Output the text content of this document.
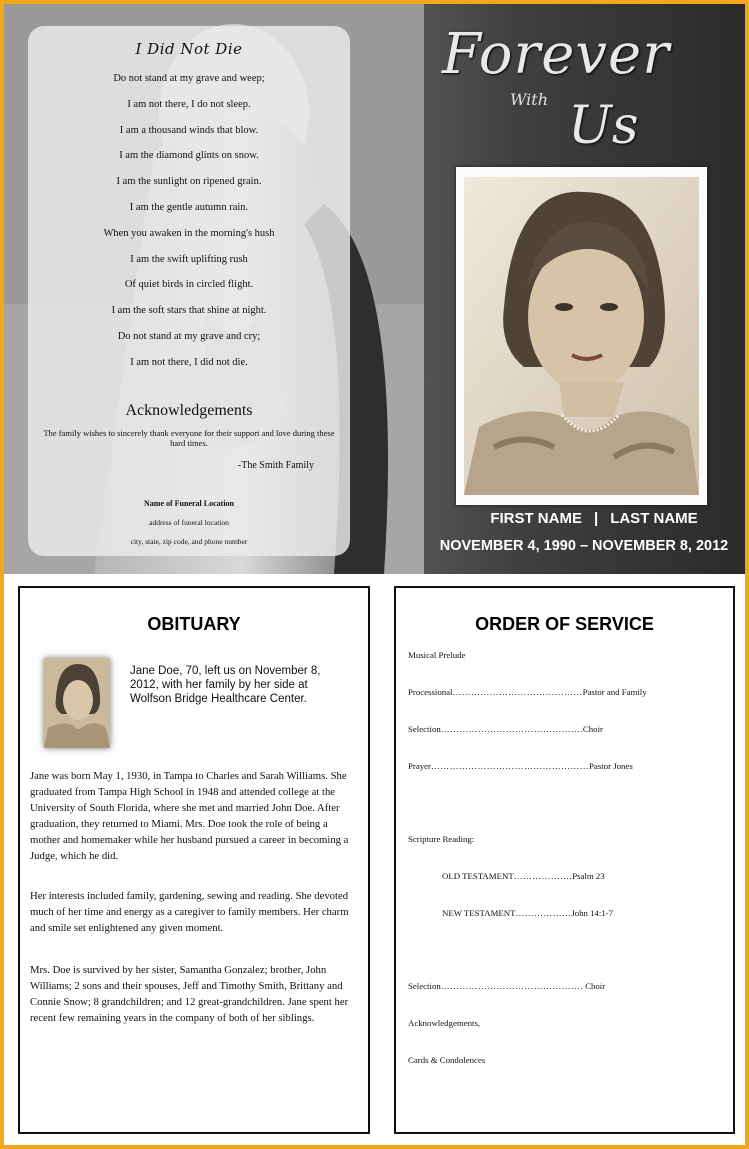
I Did Not Die
Do not stand at my grave and weep;
I am not there, I do not sleep.
I am a thousand winds that blow.
I am the diamond glints on snow.
I am the sunlight on ripened grain.
I am the gentle autumn rain.
When you awaken in the morning's hush
I am the swift uplifting rush
Of quiet birds in circled flight.
I am the soft stars that shine at night.
Do not stand at my grave and cry;
I am not there, I did not die.
Acknowledgements
The family wishes to sincerely thank everyone for their support and love during these hard times.
-The Smith Family
Name of Funeral Location
address of funeral location
city, state, zip code, and phone number
Forever
With Us
FIRST NAME | LAST NAME
NOVEMBER 4, 1990 – NOVEMBER 8, 2012
OBITUARY
Jane Doe, 70, left us on November 8, 2012, with her family by her side at Wolfson Bridge Healthcare Center.
Jane was born May 1, 1930, in Tampa to Charles and Sarah Williams. She graduated from Tampa High School in 1948 and attended college at the University of South Florida, where she met and married John Doe. After graduation, they returned to Miami. Mrs. Doe took the role of being a mother and homemaker while her husband pursued a career in becoming a Judge, which he did.
Her interests included family, gardening, sewing and reading. She devoted much of her time and energy as a caregiver to family members. Her charm and smile set enlightened any given moment.
Mrs. Doe is survived by her sister, Samantha Gonzalez; brother, John Williams; 2 sons and their spouses, Jeff and Timothy Smith, Brittany and Connie Snow; 8 grandchildren; and 12 great-grandchildren. Jane spent her recent few remaining years in the company of both of her siblings.
ORDER OF SERVICE
Musical Prelude
Processional……………………………………Pastor and Family
Selection……………………………………….Choir
Prayer……………………………………………Pastor Jones
Scripture Reading:
OLD TESTAMENT……………….Psalm 23
NEW TESTAMENT………………John 14:1-7
Selection………………………………………. Choir
Acknowledgements,
Cards & Condolences
